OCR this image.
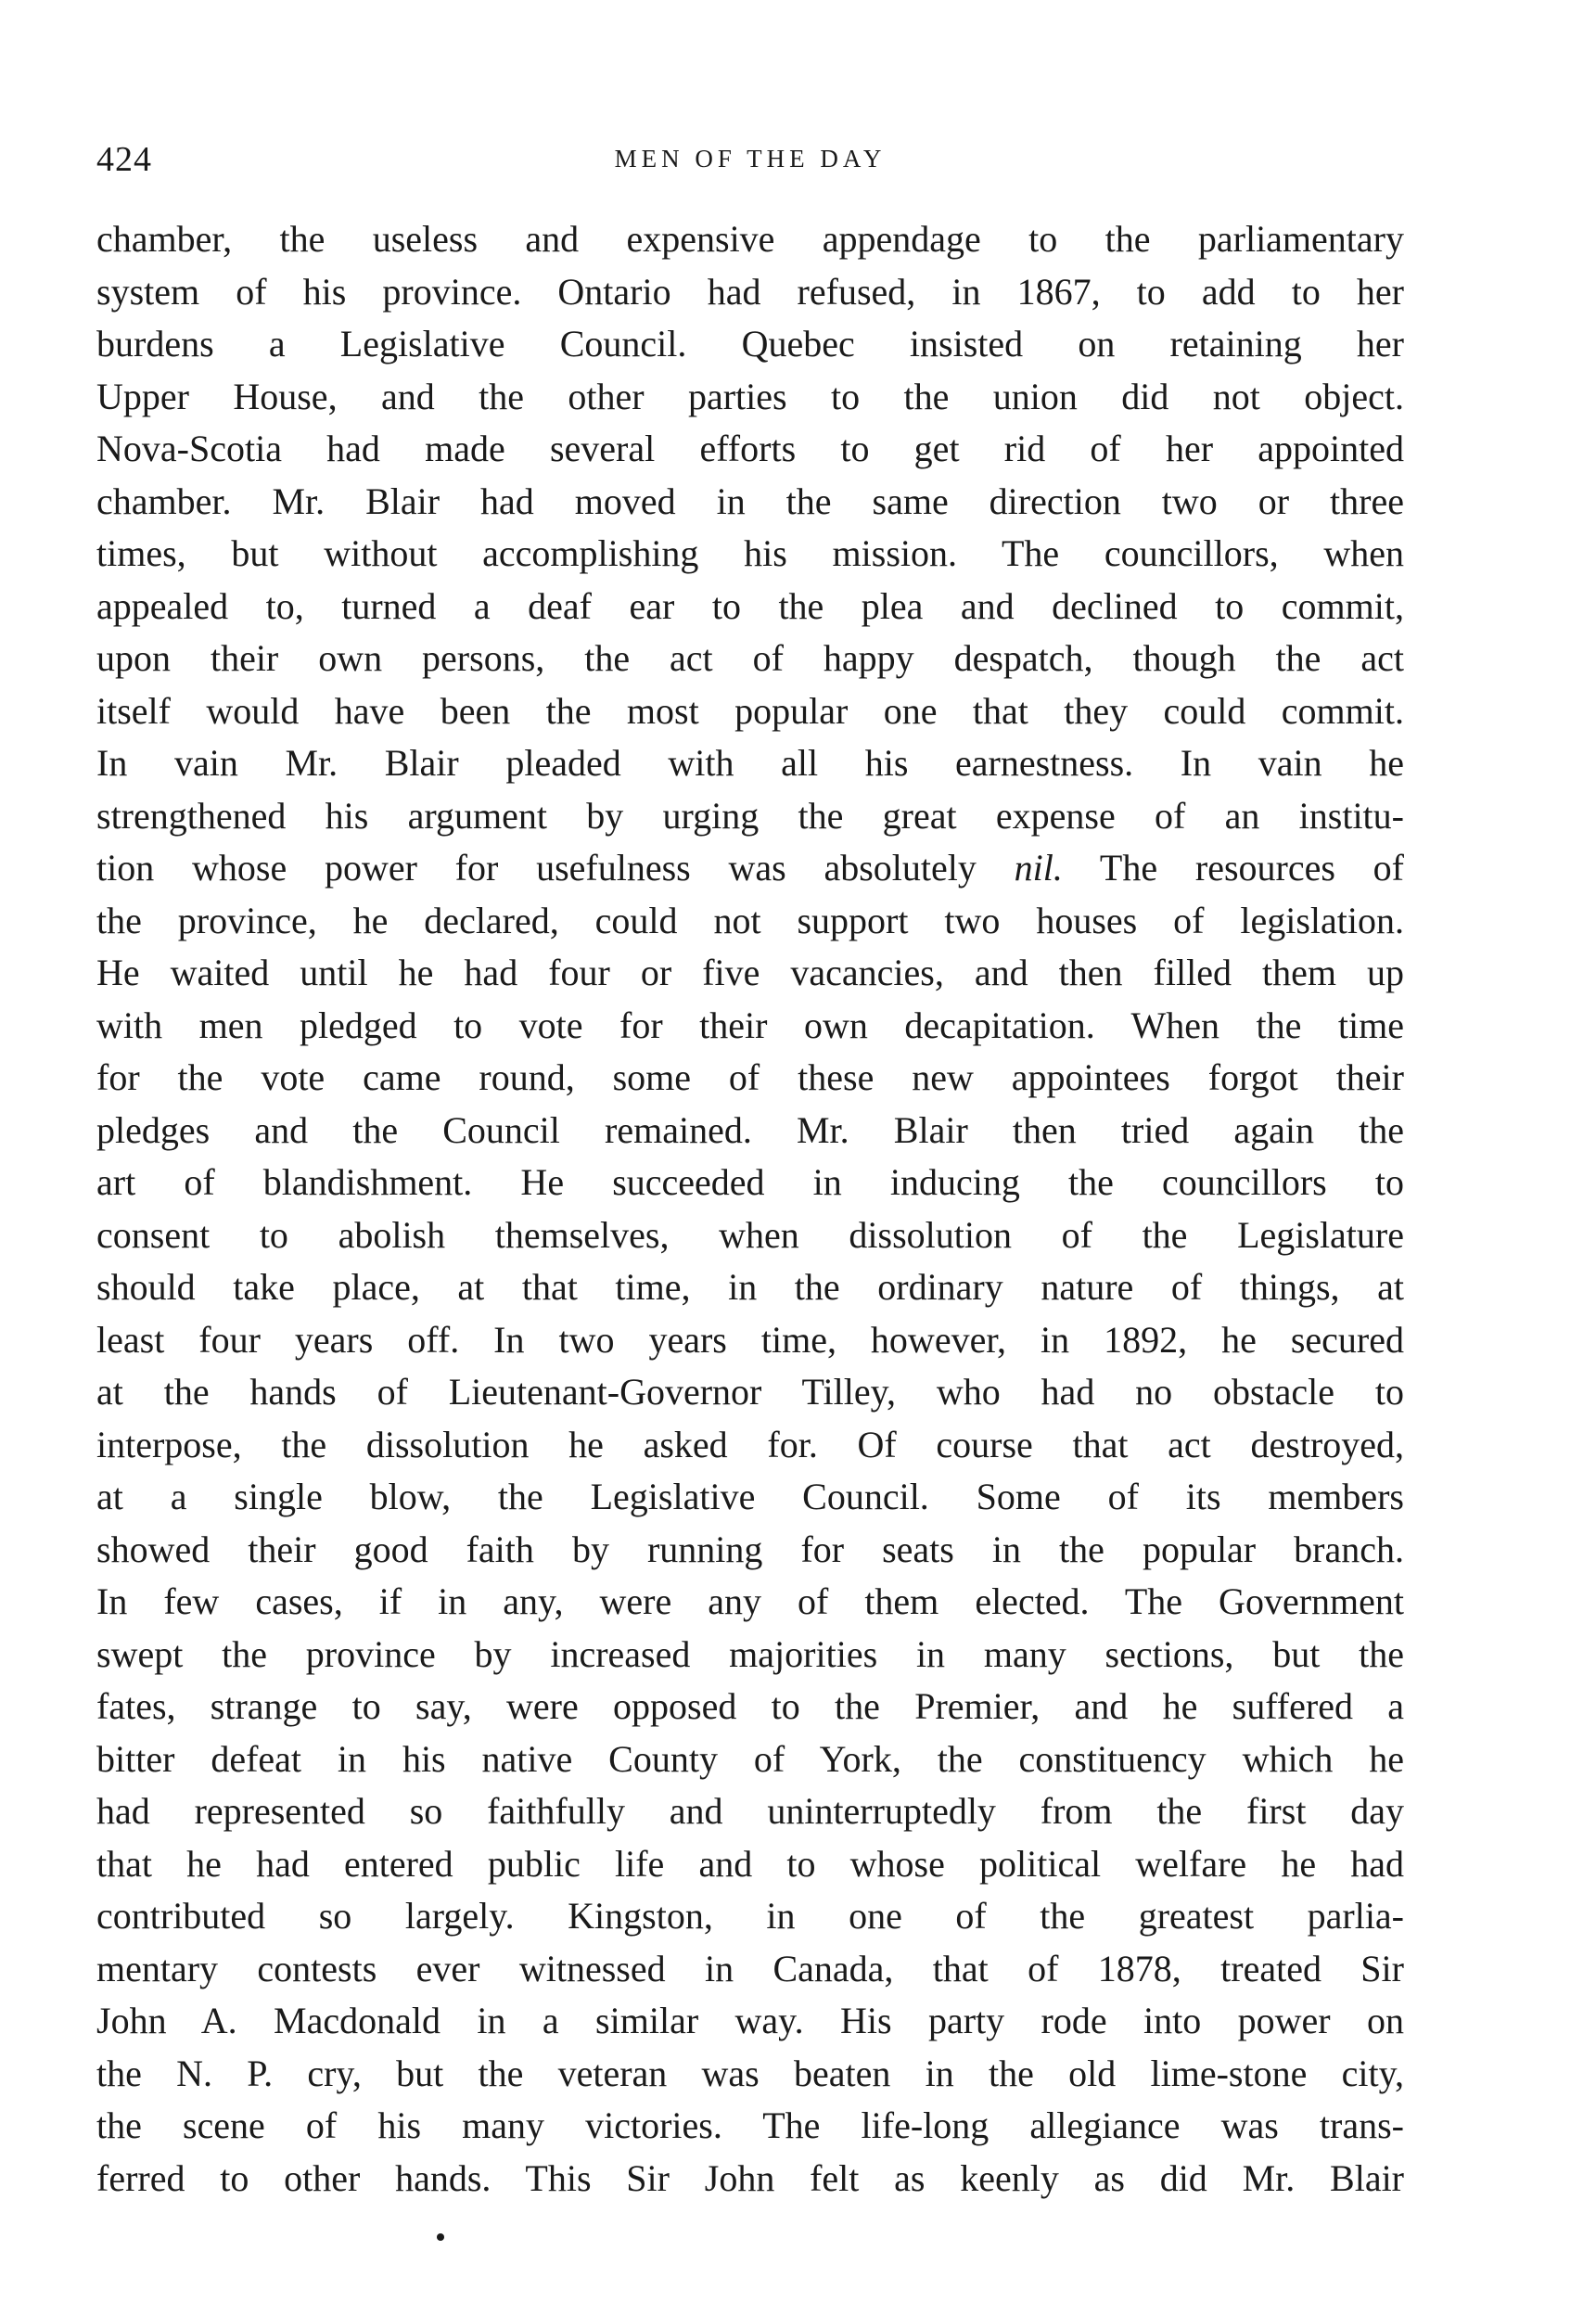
424	MEN OF THE DAY
chamber, the useless and expensive appendage to the parliamentary
system of his province. Ontario had refused, in 1867, to add to her
burdens a Legislative Council. Quebec insisted on retaining her
Upper House, and the other parties to the union did not object.
Nova-Scotia had made several efforts to get rid of her appointed
chamber. Mr. Blair had moved in the same direction two or three
times, but without accomplishing his mission. The councillors, when
appealed to, turned a deaf ear to the plea and declined to commit,
upon their own persons, the act of happy despatch, though the act
itself would have been the most popular one that they could commit.
In vain Mr. Blair pleaded with all his earnestness. In vain he
strengthened his argument by urging the great expense of an institu-
tion whose power for usefulness was absolutely nil. The resources of
the province, he declared, could not support two houses of legislation.
He waited until he had four or five vacancies, and then filled them up
with men pledged to vote for their own decapitation. When the time
for the vote came round, some of these new appointees forgot their
pledges and the Council remained. Mr. Blair then tried again the
art of blandishment. He succeeded in inducing the councillors to
consent to abolish themselves, when dissolution of the Legislature
should take place, at that time, in the ordinary nature of things, at
least four years off. In two years time, however, in 1892, he secured
at the hands of Lieutenant-Governor Tilley, who had no obstacle to
interpose, the dissolution he asked for. Of course that act destroyed,
at a single blow, the Legislative Council. Some of its members
showed their good faith by running for seats in the popular branch.
In few cases, if in any, were any of them elected. The Government
swept the province by increased majorities in many sections, but the
fates, strange to say, were opposed to the Premier, and he suffered a
bitter defeat in his native County of York, the constituency which he
had represented so faithfully and uninterruptedly from the first day
that he had entered public life and to whose political welfare he had
contributed so largely. Kingston, in one of the greatest parlia-
mentary contests ever witnessed in Canada, that of 1878, treated Sir
John A. Macdonald in a similar way. His party rode into power on
the N. P. cry, but the veteran was beaten in the old lime-stone city,
the scene of his many victories. The life-long allegiance was trans-
ferred to other hands. This Sir John felt as keenly as did Mr. Blair
